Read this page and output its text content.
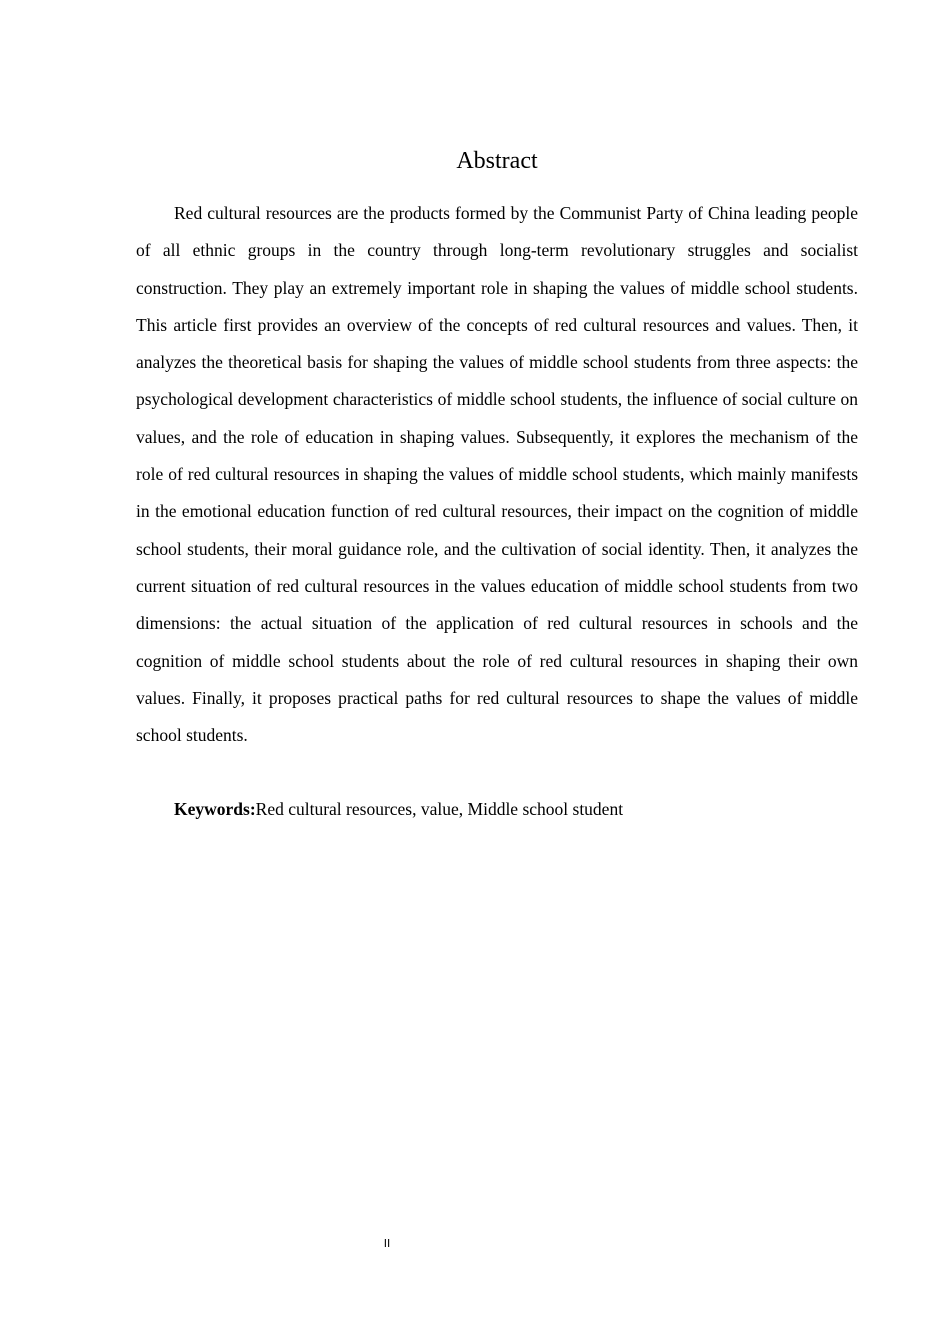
Abstract

Red cultural resources are the products formed by the Communist Party of China leading people of all ethnic groups in the country through long-term revolutionary struggles and socialist construction. They play an extremely important role in shaping the values of middle school students. This article first provides an overview of the concepts of red cultural resources and values. Then, it analyzes the theoretical basis for shaping the values of middle school students from three aspects: the psychological development characteristics of middle school students, the influence of social culture on values, and the role of education in shaping values. Subsequently, it explores the mechanism of the role of red cultural resources in shaping the values of middle school students, which mainly manifests in the emotional education function of red cultural resources, their impact on the cognition of middle school students, their moral guidance role, and the cultivation of social identity. Then, it analyzes the current situation of red cultural resources in the values education of middle school students from two dimensions: the actual situation of the application of red cultural resources in schools and the cognition of middle school students about the role of red cultural resources in shaping their own values. Finally, it proposes practical paths for red cultural resources to shape the values of middle school students.

Keywords:Red cultural resources, value, Middle school student

II
